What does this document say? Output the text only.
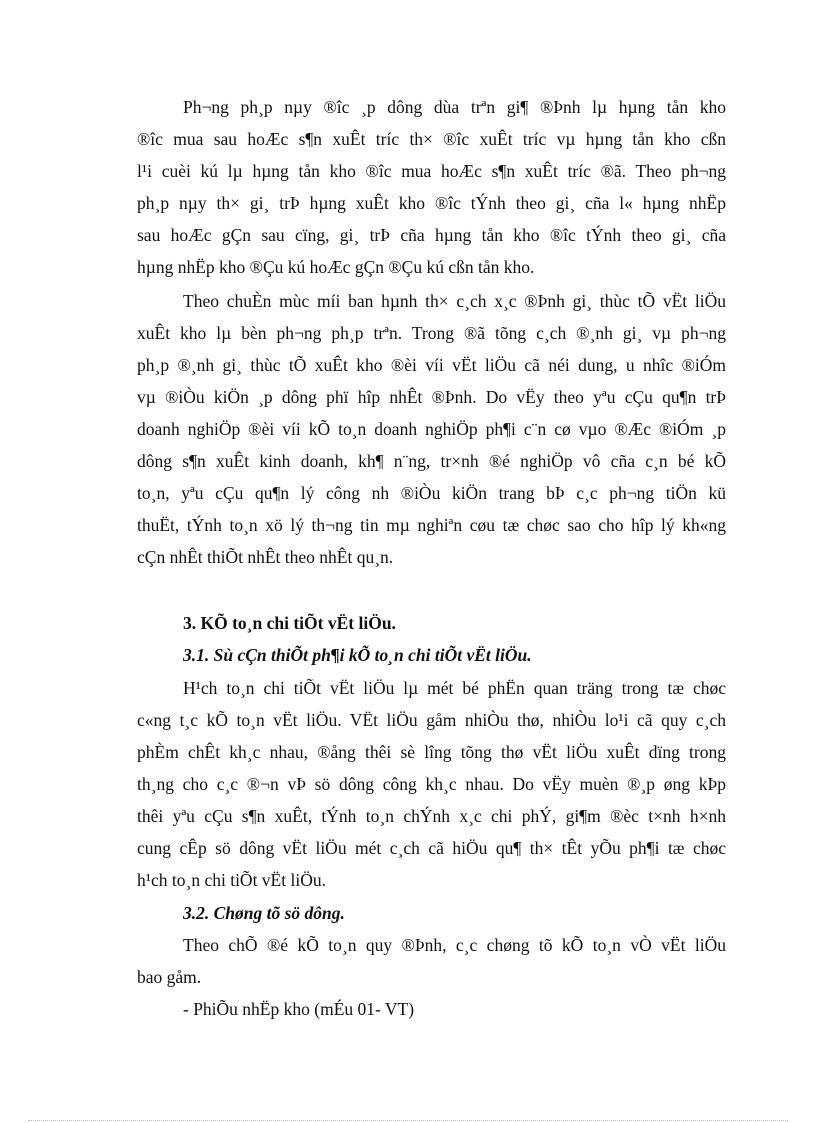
Ph¬ng ph¸p nµy ®îc ¸p dông dùa trªn gi¶ ®Þnh lµ hµng tån kho

®îc mua sau hoÆc s¶n xuÊt tríc th× ®îc xuÊt tríc vµ hµng tån kho cßn

l¹i cuèi kú lµ hµng tån kho ®îc mua hoÆc s¶n xuÊt tríc ®ã. Theo ph¬ng

ph¸p nµy th× gi¸ trÞ hµng xuÊt kho ®îc tÝnh theo gi¸ cña l« hµng nhËp

sau hoÆc gÇn sau cïng, gi¸ trÞ cña hµng tån kho ®îc tÝnh theo gi¸ cña

hµng nhËp kho ®Çu kú hoÆc gÇn ®Çu kú cßn tån kho.

Theo chuÈn mùc míi ban hµnh th× c¸ch x¸c ®Þnh gi¸ thùc tÕ vËt liÖu

xuÊt kho lµ bèn ph¬ng ph¸p trªn. Trong ®ã tõng c¸ch ®¸nh gi¸ vµ ph¬ng

ph¸p ®¸nh gi¸ thùc tÕ xuÊt kho ®èi víi vËt liÖu cã néi dung, u nhîc ®iÓm

vµ ®iÒu kiÖn ¸p dông phï hîp nhÊt ®Þnh. Do vËy theo yªu cÇu qu¶n trÞ

doanh nghiÖp ®èi víi kÕ to¸n doanh nghiÖp ph¶i c¨n cø vµo ®Æc ®iÓm ¸p

dông s¶n xuÊt kinh doanh, kh¶ n¨ng, tr×nh ®é nghiÖp vô cña c¸n bé kÕ

to¸n, yªu cÇu qu¶n lý công nh ®iÒu kiÖn trang bÞ c¸c ph¬ng tiÖn kü

thuËt, tÝnh to¸n xö lý th¬ng tin mµ nghiªn cøu tæ chøc sao cho hîp lý kh«ng

cÇn nhÊt thiÕt nhÊt theo nhÊt qu¸n.

3. KÕ to¸n chi tiÕt vËt liÖu.

3.1. Sù cÇn thiÕt ph¶i kÕ to¸n chi tiÕt vËt liÖu.

H¹ch to¸n chi tiÕt vËt liÖu lµ mét bé phËn quan träng trong tæ chøc

c«ng t¸c kÕ to¸n vËt liÖu. VËt liÖu gåm nhiÒu thø, nhiÒu lo¹i cã quy c¸ch

phÈm chÊt kh¸c nhau, ®ång thêi sè lîng tõng thø vËt liÖu xuÊt dïng trong

th¸ng cho c¸c ®¬n vÞ sö dông công kh¸c nhau. Do vËy muèn ®¸p øng kÞp

thêi yªu cÇu s¶n xuÊt, tÝnh to¸n chÝnh x¸c chi phÝ, gi¶m ®èc t×nh h×nh

cung cÊp sö dông vËt liÖu mét c¸ch cã hiÖu qu¶ th× tÊt yÕu ph¶i tæ chøc

h¹ch to¸n chi tiÕt vËt liÖu.

3.2. Chøng tõ sö dông.

Theo chÕ ®é kÕ to¸n quy ®Þnh, c¸c chøng tõ kÕ to¸n vÒ vËt liÖu

bao gåm.

- PhiÕu nhËp kho (mÉu 01- VT)
